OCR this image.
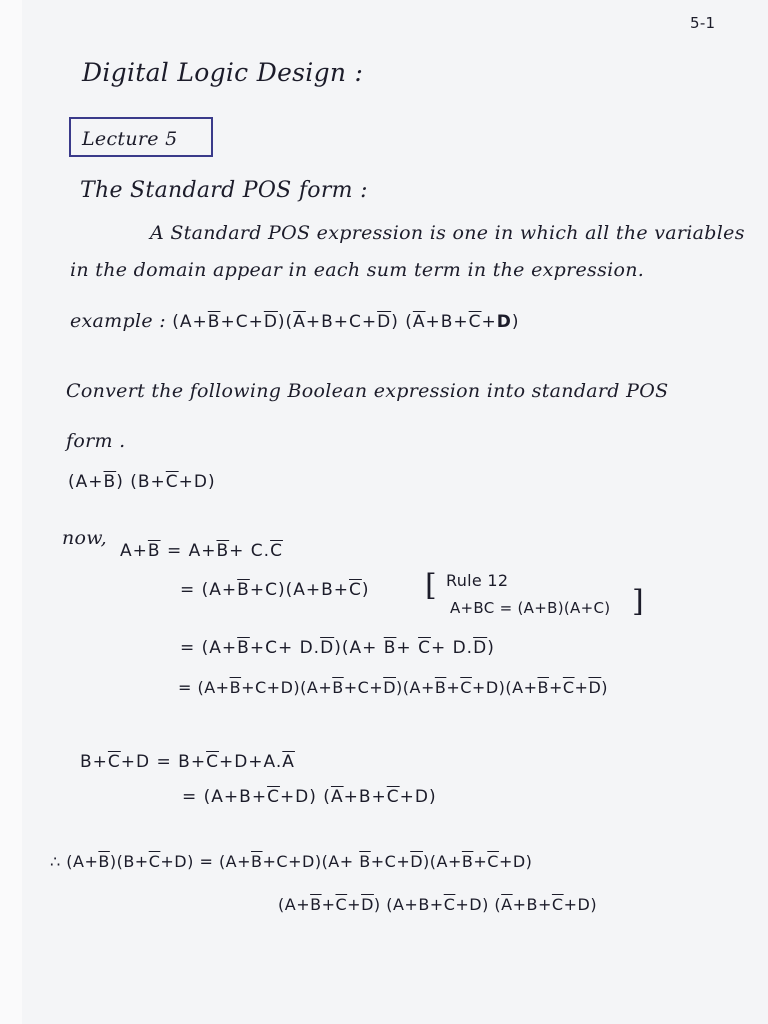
5-1
Digital Logic Design :
Lecture 5
The Standard POS form :
A Standard POS expression is one in which all the variables
in the domain appear in each sum term in the expression.
example : $(A+\overline{B}+C+\overline{D})(\overline{A}+B+C+\overline{D})$ $(\overline{A}+B+\overline{C}+D)$
Convert the following Boolean expression into standard POS
form .
$(A+\overline{B})$ $(B+\overline{C}+D)$
now,
$A+\overline{B} = A+\overline{B}+ C.\overline{C}$
= $(A+\overline{B}+C)(A+B+\overline{C})$ [ Rule 12
A+BC = (A+B)(A+C) ]
= $(A+\overline{B}+C+ D.\overline{D})(A+ \overline{B}+ \overline{C}+ D.\overline{D})$
= $(A+\overline{B}+C+D)(A+\overline{B}+C+\overline{D})(A+\overline{B}+\overline{C}+D)(A+\overline{B}+\overline{C}+\overline{D})$
$B+\overline{C}+D = B+\overline{C}+D+A.\overline{A}$
= $(A+B+\overline{C}+D)$ $(\overline{A}+B+\overline{C}+D)$
∴ $(A+\overline{B})(B+\overline{C}+D) = (A+\overline{B}+C+D)(A+ \overline{B}+C+\overline{D})(A+\overline{B}+\overline{C}+D)$
$(A+\overline{B}+\overline{C}+\overline{D})$ $(A+B+\overline{C}+D)$ $(\overline{A}+B+\overline{C}+D)$
